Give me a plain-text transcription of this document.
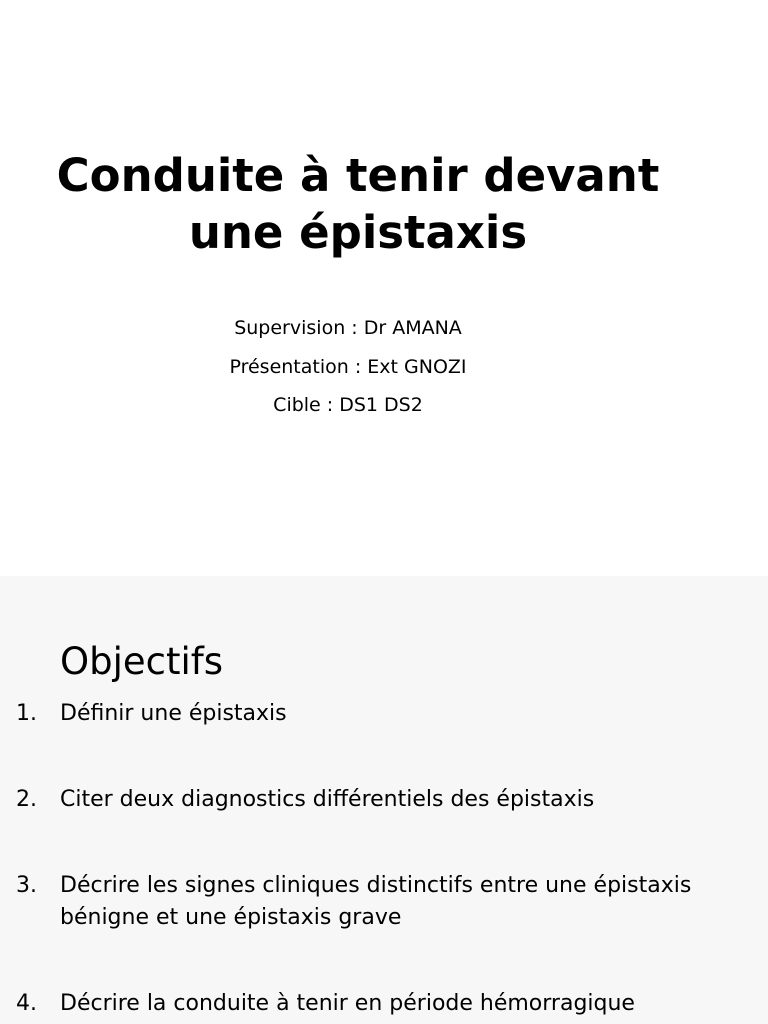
Conduite à tenir devant
une épistaxis
Supervision : Dr AMANA
Présentation : Ext GNOZI
Cible : DS1 DS2
Objectifs
1.	Définir une épistaxis
2.	Citer deux diagnostics différentiels des épistaxis
3.	Décrire les signes cliniques distinctifs entre une épistaxis bénigne et une épistaxis grave
4.	Décrire la conduite à tenir en période hémorragique
